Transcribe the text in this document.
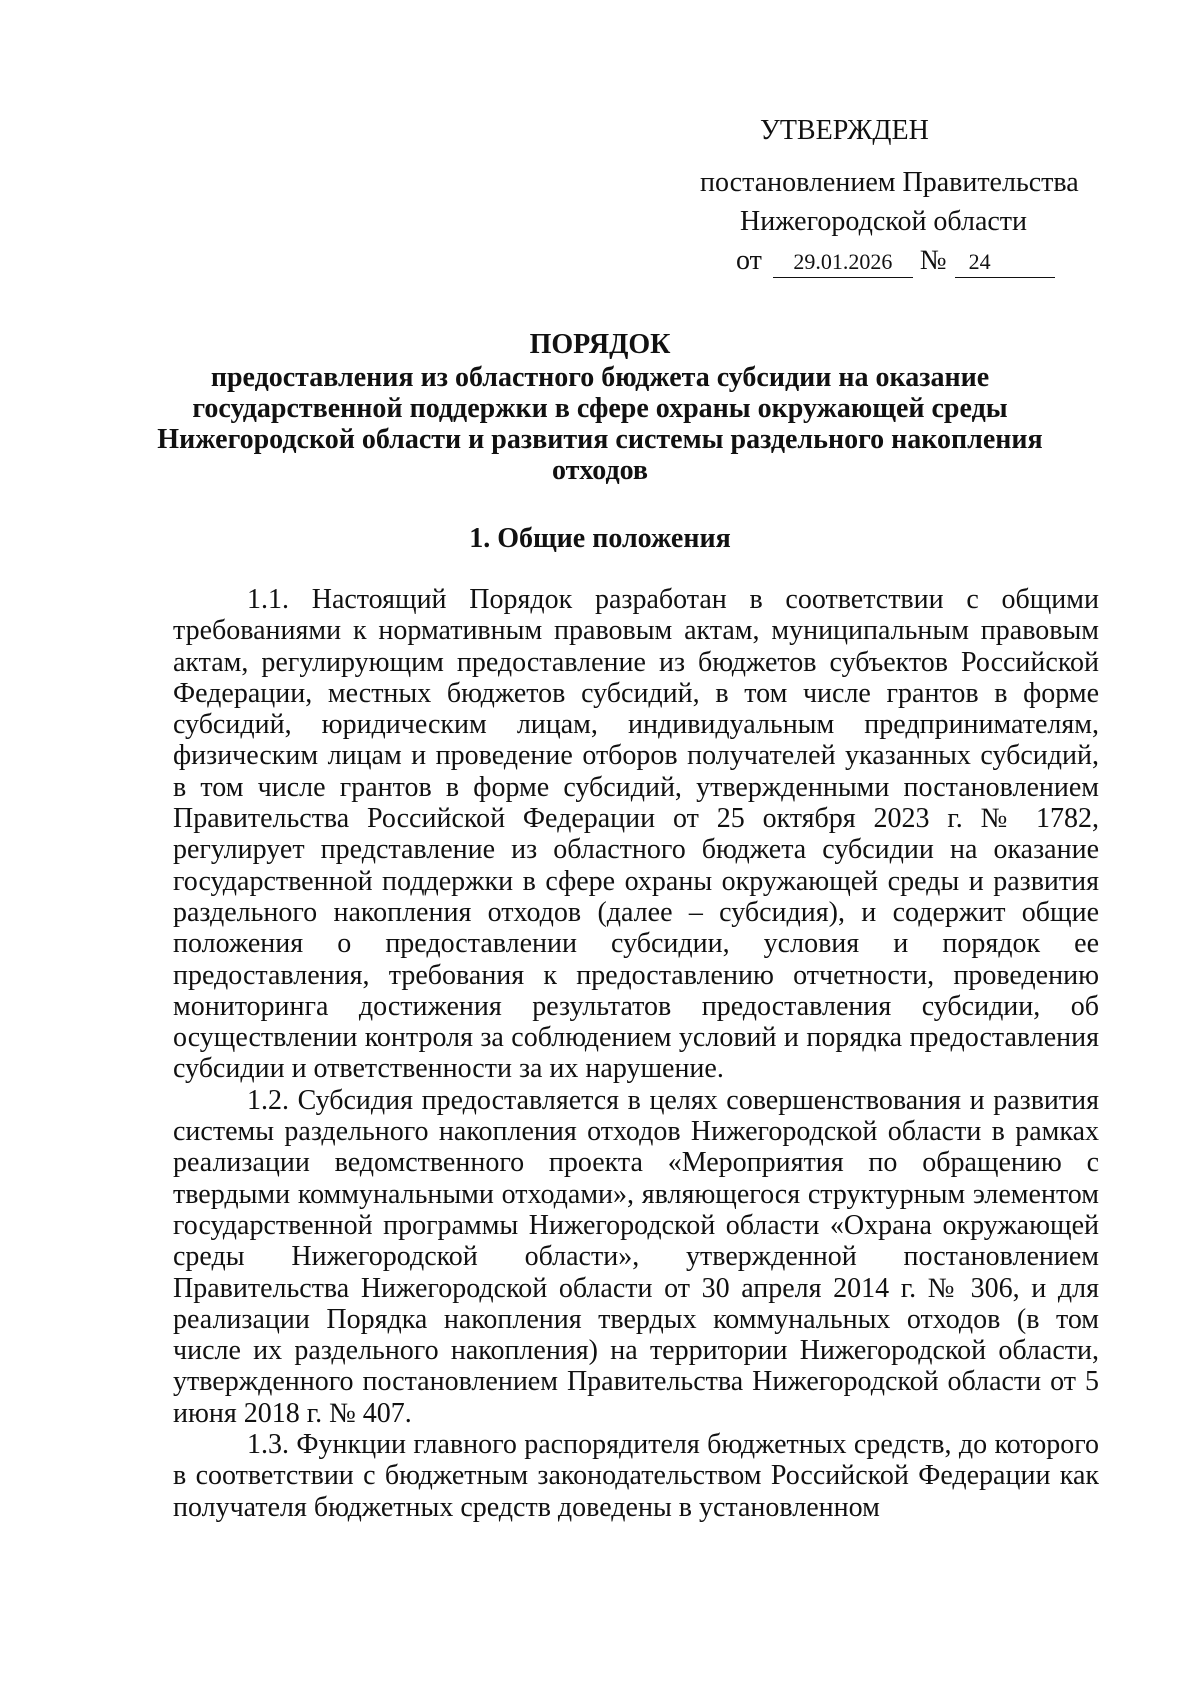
УТВЕРЖДЕН
постановлением Правительства
Нижегородской области
от 29.01.2026 № 24
ПОРЯДОК
предоставления из областного бюджета субсидии на оказание государственной поддержки в сфере охраны окружающей среды Нижегородской области и развития системы раздельного накопления отходов
1. Общие положения

1.1. Настоящий Порядок разработан в соответствии с общими требованиями к нормативным правовым актам, муниципальным правовым актам, регулирующим предоставление из бюджетов субъектов Российской Федерации, местных бюджетов субсидий, в том числе грантов в форме субсидий, юридическим лицам, индивидуальным предпринимателям, физическим лицам и проведение отборов получателей указанных субсидий, в том числе грантов в форме субсидий, утвержденными постановлением Правительства Российской Федерации от 25 октября 2023 г. № 1782, регулирует представление из областного бюджета субсидии на оказание государственной поддержки в сфере охраны окружающей среды и развития раздельного накопления отходов (далее – субсидия), и содержит общие положения о предоставлении субсидии, условия и порядок ее предоставления, требования к предоставлению отчетности, проведению мониторинга достижения результатов предоставления субсидии, об осуществлении контроля за соблюдением условий и порядка предоставления субсидии и ответственности за их нарушение.

1.2. Субсидия предоставляется в целях совершенствования и развития системы раздельного накопления отходов Нижегородской области в рамках реализации ведомственного проекта «Мероприятия по обращению с твердыми коммунальными отходами», являющегося структурным элементом государственной программы Нижегородской области «Охрана окружающей среды Нижегородской области», утвержденной постановлением Правительства Нижегородской области от 30 апреля 2014 г. № 306, и для реализации Порядка накопления твердых коммунальных отходов (в том числе их раздельного накопления) на территории Нижегородской области, утвержденного постановлением Правительства Нижегородской области от 5 июня 2018 г. № 407.

1.3. Функции главного распорядителя бюджетных средств, до которого в соответствии с бюджетным законодательством Российской Федерации как получателя бюджетных средств доведены в установленном
